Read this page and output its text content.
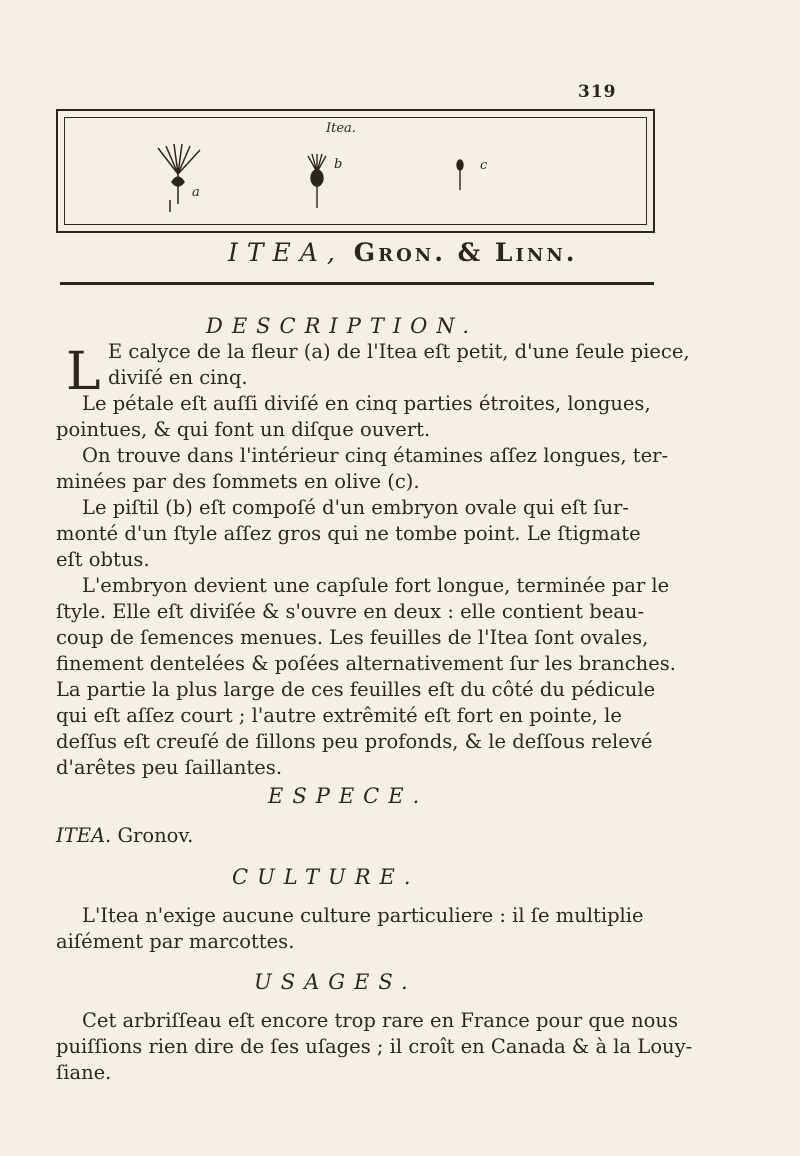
319
Itea.
a
b	c
ITEA, Gron. & Linn.
DESCRIPTION.
L E calyce de la fleur (a) de l'Itea eſt petit, d'une ſeule piece,
diviſé en cinq.
Le pétale eſt auſſi diviſé en cinq parties étroites, longues,
pointues, & qui font un diſque ouvert.
On trouve dans l'intérieur cinq étamines aſſez longues, ter-
minées par des ſommets en olive (c).
Le piſtil (b) eſt compoſé d'un embryon ovale qui eſt ſur-
monté d'un ſtyle aſſez gros qui ne tombe point. Le ſtigmate
eſt obtus.
L'embryon devient une capſule fort longue, terminée par le
ſtyle. Elle eſt diviſée & s'ouvre en deux : elle contient beau-
coup de ſemences menues. Les feuilles de l'Itea ſont ovales,
finement dentelées & poſées alternativement ſur les branches.
La partie la plus large de ces feuilles eſt du côté du pédicule
qui eſt aſſez court ; l'autre extrêmité eſt fort en pointe, le
deſſus eſt creuſé de ſillons peu profonds, & le deſſous relevé
d'arêtes peu ſaillantes.
ESPECE.
ITEA. Gronov.
CULTURE.
L'Itea n'exige aucune culture particuliere : il ſe multiplie
aiſément par marcottes.
USAGES.
Cet arbriſſeau eſt encore trop rare en France pour que nous
puiſſions rien dire de ſes uſages ; il croît en Canada & à la Louy-
ſiane.
